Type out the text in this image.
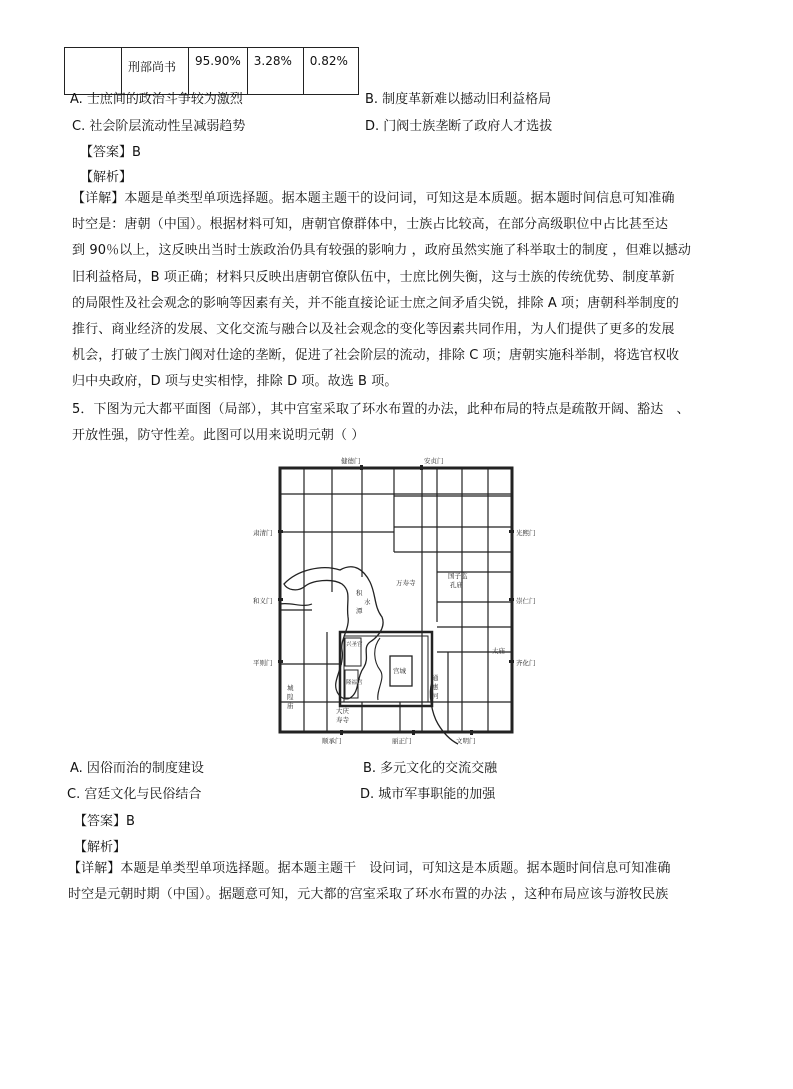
	刑部尚书	95.90%	3.28%	0.82%
A. 士庶间的政治斗争较为激烈	B. 制度革新难以撼动旧利益格局
C. 社会阶层流动性呈减弱趋势	D. 门阀士族垄断了政府人才选拔
【答案】B
【解析】
【详解】本题是单类型单项选择题。据本题主题干的设问词，可知这是本质题。据本题时间信息可知准确
时空是：唐朝（中国）。根据材料可知，唐朝官僚群体中，士族占比较高，在部分高级职位中占比甚至达
到 90％以上，这反映出当时士族政治仍具有较强的影响力 ，政府虽然实施了科举取士的制度 ，但难以撼动
旧利益格局，B 项正确；材料只反映出唐朝官僚队伍中，士庶比例失衡，这与士族的传统优势、制度革新
的局限性及社会观念的影响等因素有关，并不能直接论证士庶之间矛盾尖锐，排除 A 项；唐朝科举制度的
推行、商业经济的发展、文化交流与融合以及社会观念的变化等因素共同作用，为人们提供了更多的发展
机会，打破了士族门阀对仕途的垄断，促进了社会阶层的流动，排除 C 项；唐朝实施科举制，将选官权收
归中央政府，D 项与史实相悖，排除 D 项。故选 B 项。
5．下图为元大都平面图（局部），其中宫室采取了环水布置的办法，此种布局的特点是疏散开阔、豁达　、
开放性强，防守性差。此图可以用来说明元朝（ ）
健德门	安贞门
肃清门	光熙门
和义门	崇仁门
平则门	齐化门
顺承门	丽正门	文明门
万寿寺
国子监
孔庙
积
水
潭
兴圣宫
隆福宫
宫城
太庙
城
隍
庙
大庆
寿寺
通
惠
河
A. 因俗而治的制度建设	B. 多元文化的交流交融
C. 宫廷文化与民俗结合	D. 城市军事职能的加强
【答案】B
【解析】
【详解】本题是单类型单项选择题。据本题主题干　设问词，可知这是本质题。据本题时间信息可知准确
时空是元朝时期（中国）。据题意可知，元大都的宫室采取了环水布置的办法 ，这种布局应该与游牧民族
